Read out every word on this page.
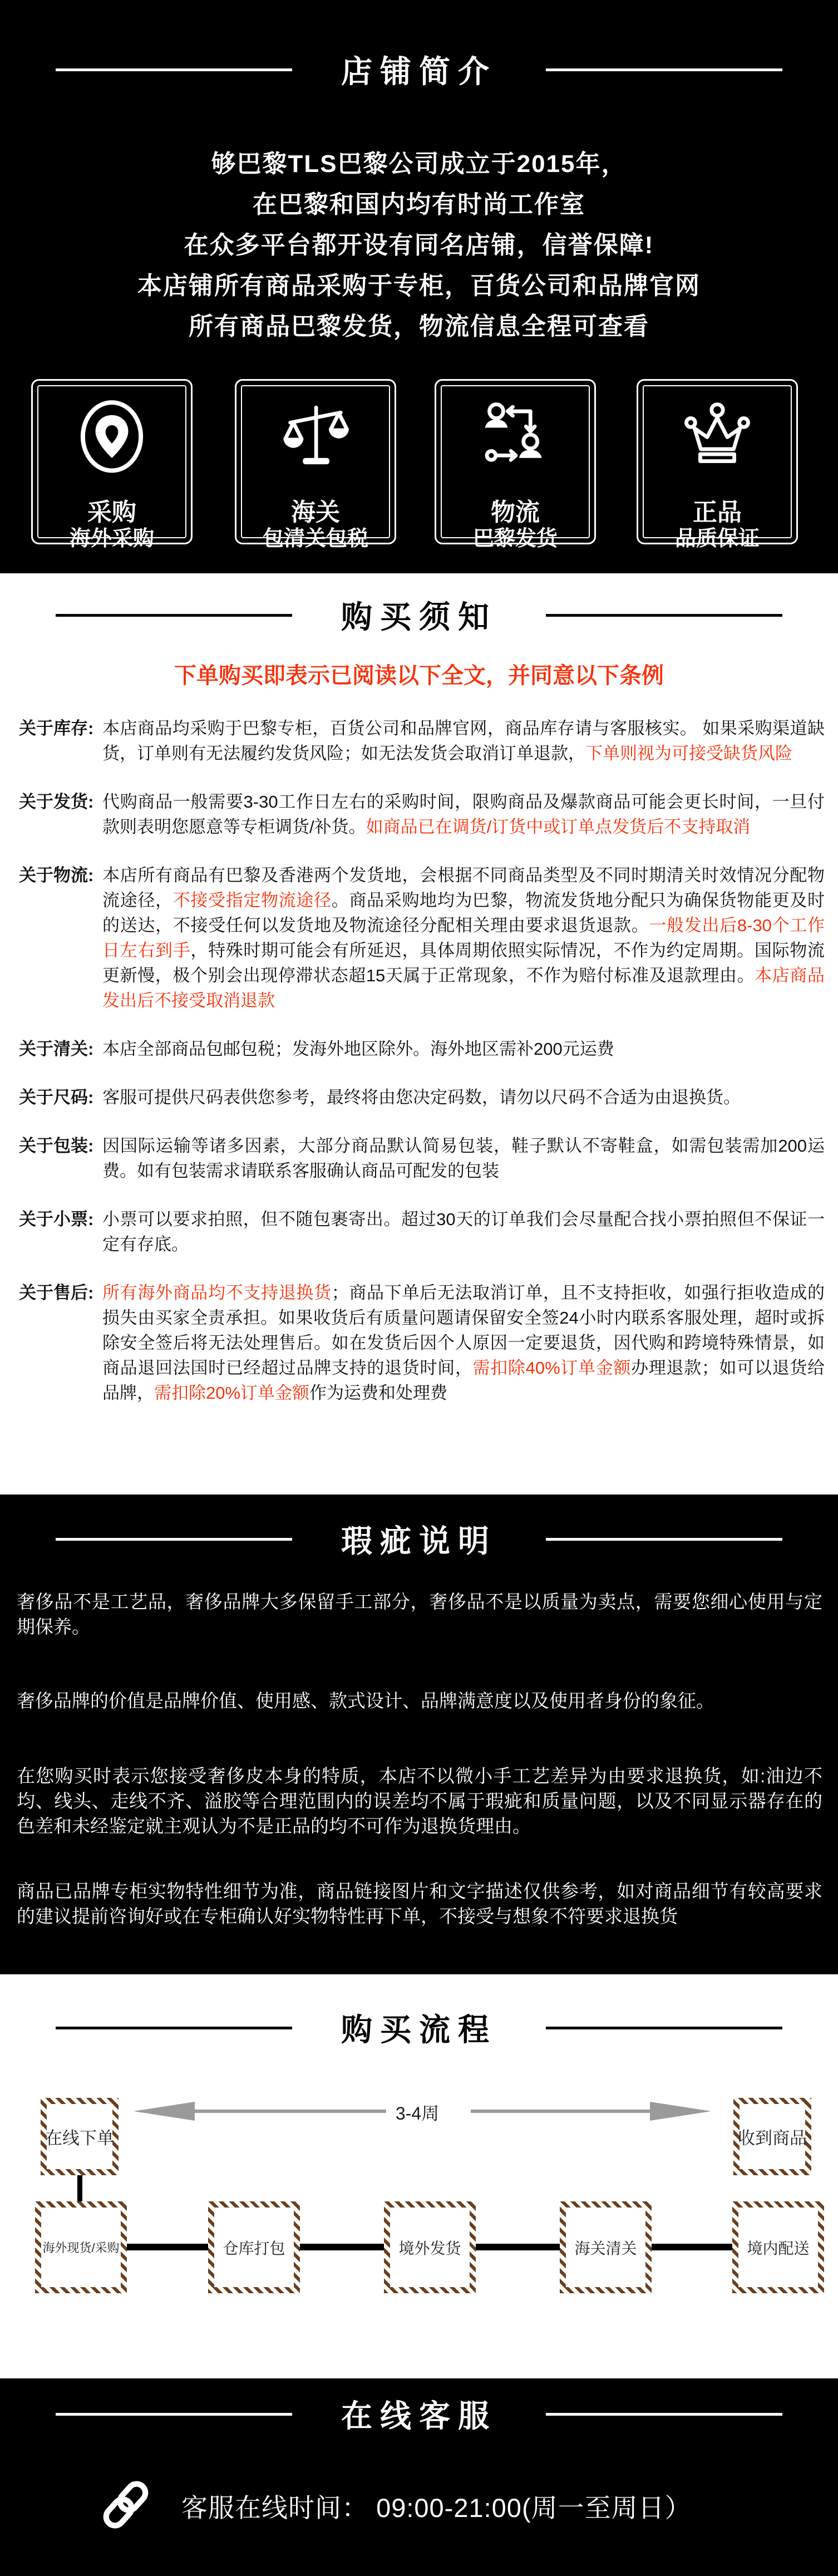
店铺简介
够巴黎TLS巴黎公司成立于2015年，
在巴黎和国内均有时尚工作室
在众多平台都开设有同名店铺，信誉保障!
本店铺所有商品采购于专柜，百货公司和品牌官网
所有商品巴黎发货，物流信息全程可查看
采购
海外采购
海关
包清关包税
物流
巴黎发货
正品
品质保证
购买须知
下单购买即表示已阅读以下全文，并同意以下条例
关于库存: 本店商品均采购于巴黎专柜，百货公司和品牌官网，商品库存请与客服核实。 如果采购渠道缺货，订单则有无法履约发货风险；如无法发货会取消订单退款，下单则视为可接受缺货风险
关于发货: 代购商品一般需要3-30工作日左右的采购时间，限购商品及爆款商品可能会更长时间，一旦付款则表明您愿意等专柜调货/补货。如商品已在调货/订货中或订单点发货后不支持取消
关于物流: 本店所有商品有巴黎及香港两个发货地，会根据不同商品类型及不同时期清关时效情况分配物流途径，不接受指定物流途径。商品采购地均为巴黎，物流发货地分配只为确保货物能更及时的送达，不接受任何以发货地及物流途径分配相关理由要求退货退款。一般发出后8-30个工作日左右到手，特殊时期可能会有所延迟，具体周期依照实际情况，不作为约定周期。国际物流更新慢，极个别会出现停滞状态超15天属于正常现象，不作为赔付标准及退款理由。本店商品发出后不接受取消退款
关于清关: 本店全部商品包邮包税；发海外地区除外。海外地区需补200元运费
关于尺码: 客服可提供尺码表供您参考，最终将由您决定码数，请勿以尺码不合适为由退换货。
关于包装: 因国际运输等诸多因素，大部分商品默认简易包装，鞋子默认不寄鞋盒，如需包装需加200运费。如有包装需求请联系客服确认商品可配发的包装
关于小票: 小票可以要求拍照，但不随包裹寄出。超过30天的订单我们会尽量配合找小票拍照但不保证一定有存底。
关于售后: 所有海外商品均不支持退换货；商品下单后无法取消订单，且不支持拒收，如强行拒收造成的损失由买家全责承担。如果收货后有质量问题请保留安全签24小时内联系客服处理，超时或拆除安全签后将无法处理售后。如在发货后因个人原因一定要退货，因代购和跨境特殊情景，如商品退回法国时已经超过品牌支持的退货时间，需扣除40%订单金额办理退款；如可以退货给品牌，需扣除20%订单金额作为运费和处理费
瑕疵说明
奢侈品不是工艺品，奢侈品牌大多保留手工部分，奢侈品不是以质量为卖点，需要您细心使用与定期保养。
奢侈品牌的价值是品牌价值、使用感、款式设计、品牌满意度以及使用者身份的象征。
在您购买时表示您接受奢侈皮本身的特质，本店不以微小手工艺差异为由要求退换货，如:油边不均、线头、走线不齐、溢胶等合理范围内的误差均不属于瑕疵和质量问题，以及不同显示器存在的色差和未经鉴定就主观认为不是正品的均不可作为退换货理由。
商品已品牌专柜实物特性细节为准，商品链接图片和文字描述仅供参考，如对商品细节有较高要求的建议提前咨询好或在专柜确认好实物特性再下单，不接受与想象不符要求退换货
购买流程
3-4周
在线下单	收到商品
海外现货/采购	仓库打包	境外发货	海关清关	境内配送
在线客服
客服在线时间： 09:00-21:00(周一至周日）
